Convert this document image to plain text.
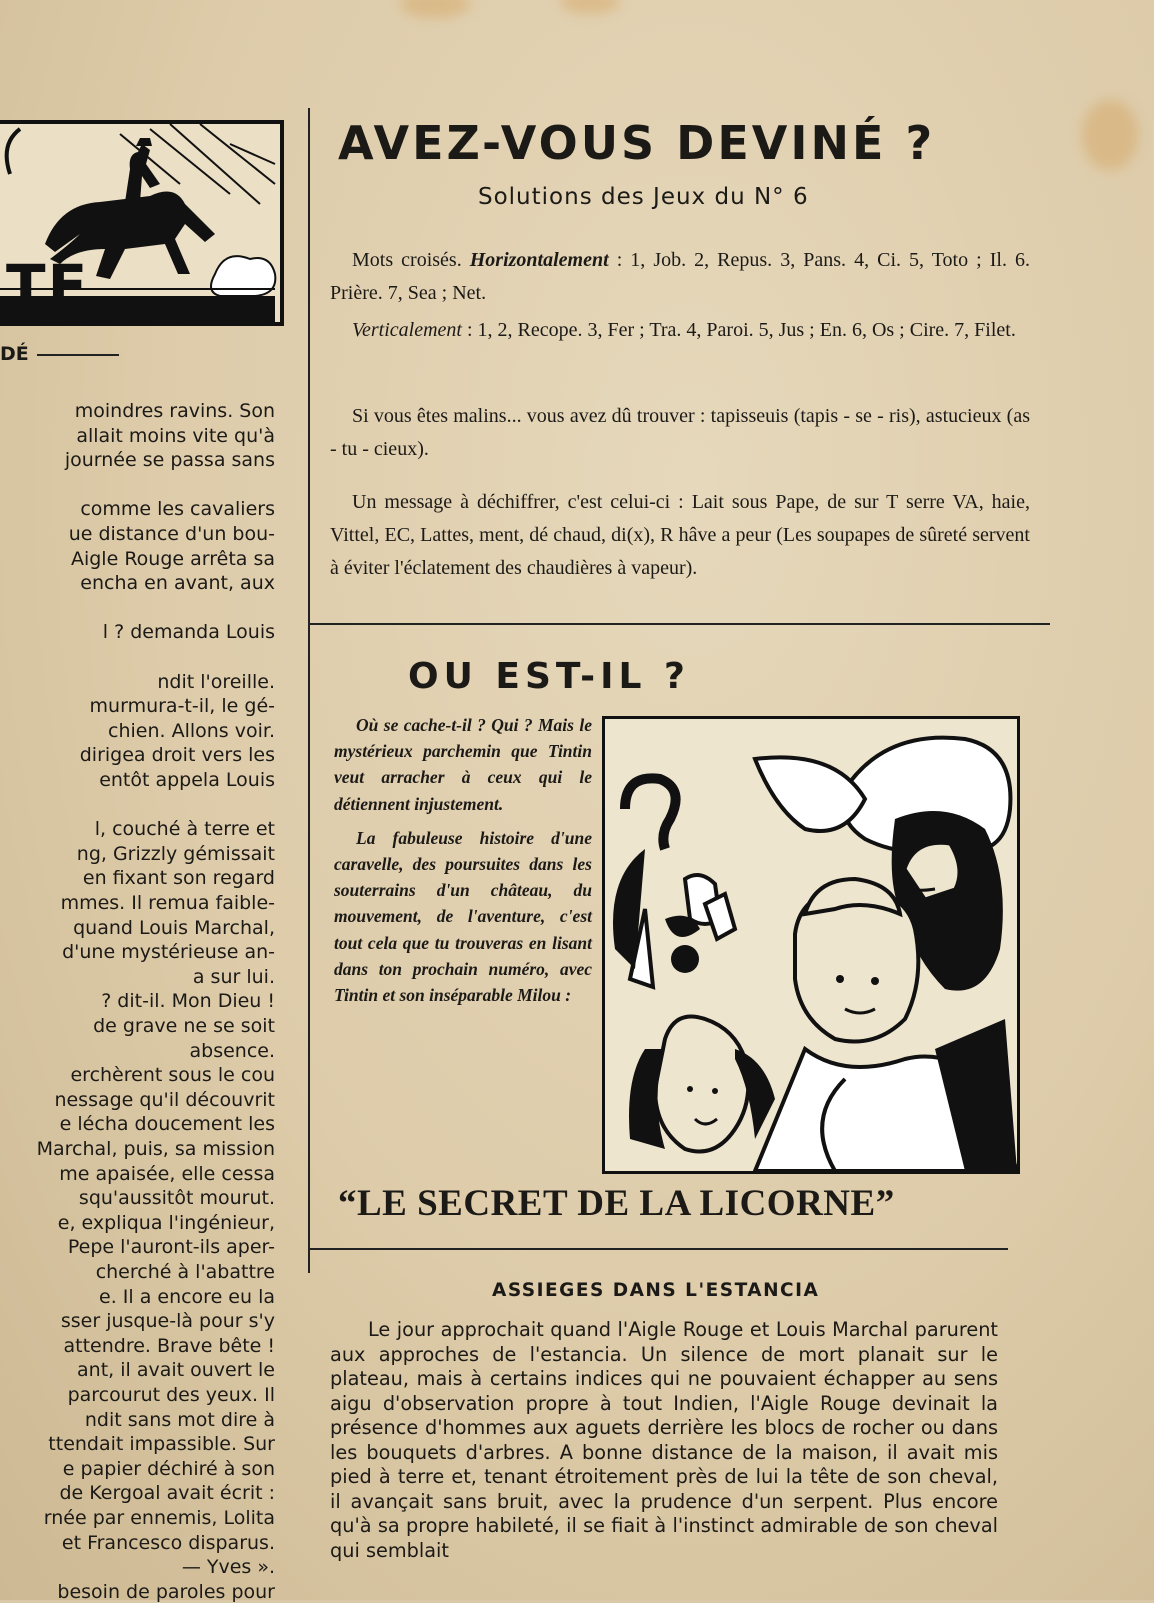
TE
DÉ
moindres ravins. Son
allait moins vite qu'à
journée se passa sans
comme les cavaliers
ue distance d'un bou-
Aigle Rouge arrêta sa
encha en avant, aux
l ? demanda Louis
ndit l'oreille.
murmura-t-il, le gé-
chien. Allons voir.
dirigea droit vers les
entôt appela Louis
l, couché à terre et
ng, Grizzly gémissait
en fixant son regard
mmes. Il remua faible-
quand Louis Marchal,
d'une mystérieuse an-
a sur lui.
? dit-il. Mon Dieu !
de grave ne se soit
absence.
erchèrent sous le cou
nessage qu'il découvrit
e lécha doucement les
Marchal, puis, sa mission
me apaisée, elle cessa
squ'aussitôt mourut.
e, expliqua l'ingénieur,
Pepe l'auront-ils aper-
cherché à l'abattre
e. Il a encore eu la
sser jusque-là pour s'y
attendre. Brave bête !
ant, il avait ouvert le
parcourut des yeux. Il
ndit sans mot dire à
ttendait impassible. Sur
e papier déchiré à son
de Kergoal avait écrit :
rnée par ennemis, Lolita
et Francesco disparus.
— Yves ».
besoin de paroles pour
AVEZ-VOUS DEVINÉ ?
Solutions des Jeux du N° 6
Mots croisés. Horizontalement : 1, Job. 2, Repus. 3, Pans. 4, Ci. 5, Toto ; Il. 6. Prière. 7, Sea ; Net.
Verticalement : 1, 2, Recope. 3, Fer ; Tra. 4, Paroi. 5, Jus ; En. 6, Os ; Cire. 7, Filet.
Si vous êtes malins... vous avez dû trouver : tapisseuis (tapis - se - ris), astucieux (as - tu - cieux).
Un message à déchiffrer, c'est celui-ci : Lait sous Pape, de sur T serre VA, haie, Vittel, EC, Lattes, ment, dé chaud, di(x), R hâve a peur (Les soupapes de sûreté servent à éviter l'éclatement des chaudières à vapeur).
OU EST-IL ?

Où se cache-t-il ? Qui ? Mais le mystérieux parchemin que Tintin veut arracher à ceux qui le détiennent injustement.

La fabuleuse histoire d'une caravelle, des poursuites dans les souterrains d'un château, du mouvement, de l'aventure, c'est tout cela que tu trouveras en lisant dans ton prochain numéro, avec Tintin et son inséparable Milou :

“LE SECRET DE LA LICORNE”
ASSIEGES DANS L'ESTANCIA

Le jour approchait quand l'Aigle Rouge et Louis Marchal parurent aux approches de l'estancia. Un silence de mort planait sur le plateau, mais à certains indices qui ne pouvaient échapper au sens aigu d'observation propre à tout Indien, l'Aigle Rouge devinait la présence d'hommes aux aguets derrière les blocs de rocher ou dans les bouquets d'arbres. A bonne distance de la maison, il avait mis pied à terre et, tenant étroitement près de lui la tête de son cheval, il avançait sans bruit, avec la prudence d'un serpent. Plus encore qu'à sa propre habileté, il se fiait à l'instinct admirable de son cheval qui semblait
